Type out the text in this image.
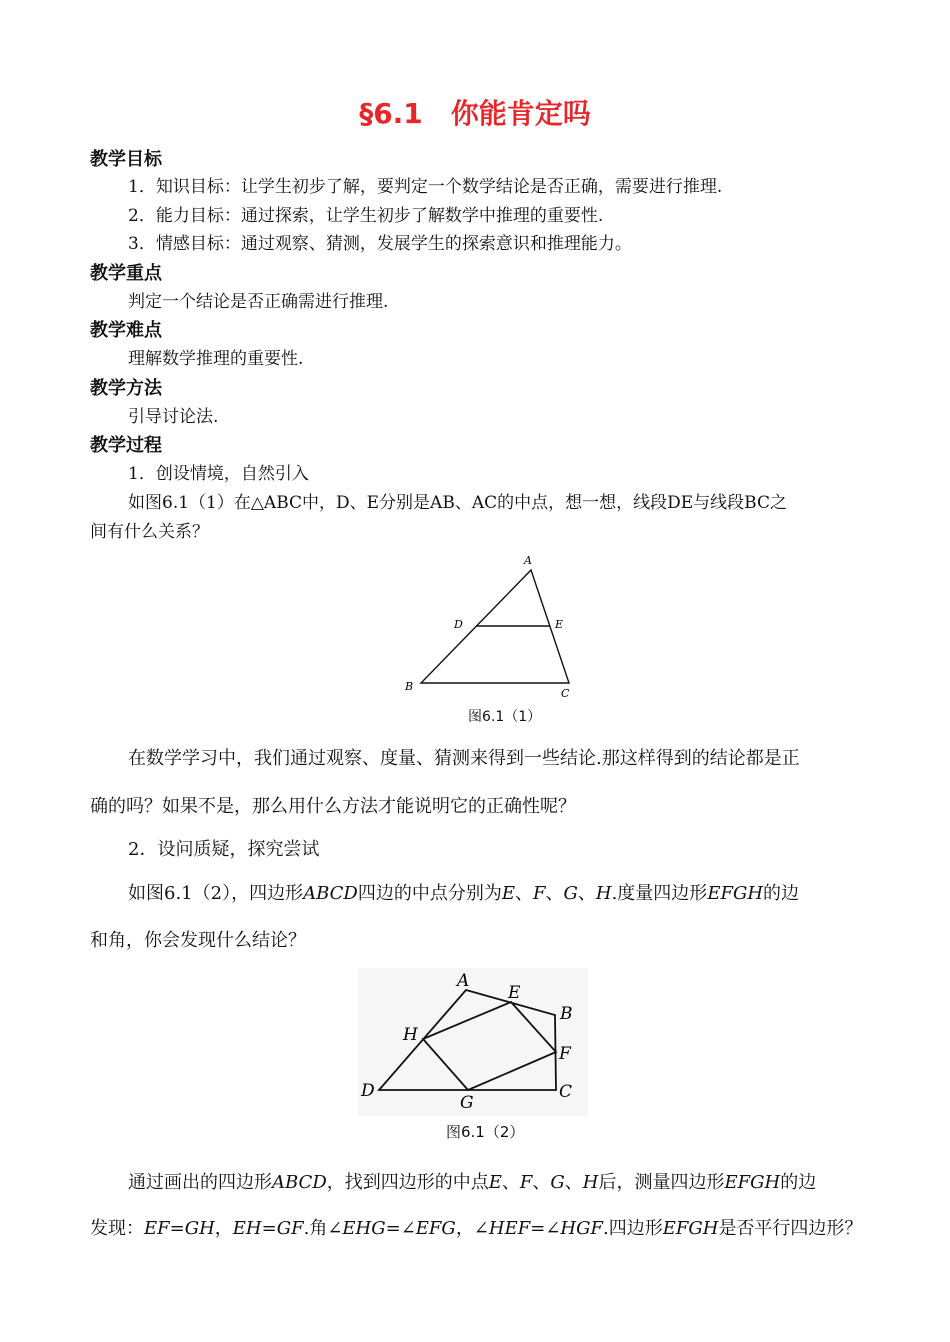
§6.1　你能肯定吗
教学目标
1．知识目标：让学生初步了解，要判定一个数学结论是否正确，需要进行推理.
2．能力目标：通过探索，让学生初步了解数学中推理的重要性.
3．情感目标：通过观察、猜测，发展学生的探索意识和推理能力。
教学重点
判定一个结论是否正确需进行推理.
教学难点
理解数学推理的重要性.
教学方法
引导讨论法.
教学过程
1．创设情境，自然引入
如图6.1（1）在△ABC中，D、E分别是AB、AC的中点，想一想，线段DE与线段BC之
间有什么关系？
A
D	E
B
C
图6.1（1）
在数学学习中，我们通过观察、度量、猜测来得到一些结论.那这样得到的结论都是正
确的吗？如果不是，那么用什么方法才能说明它的正确性呢？
2．设问质疑，探究尝试
如图6.1（2），四边形ABCD四边的中点分别为E、F、G、H.度量四边形EFGH的边
和角，你会发现什么结论？
A
E
B
H
F
D
G
C
图6.1（2）
通过画出的四边形ABCD，找到四边形的中点E、F、G、H后，测量四边形EFGH的边
发现：EF=GH，EH=GF.角∠EHG=∠EFG，∠HEF=∠HGF.四边形EFGH是否平行四边形？
